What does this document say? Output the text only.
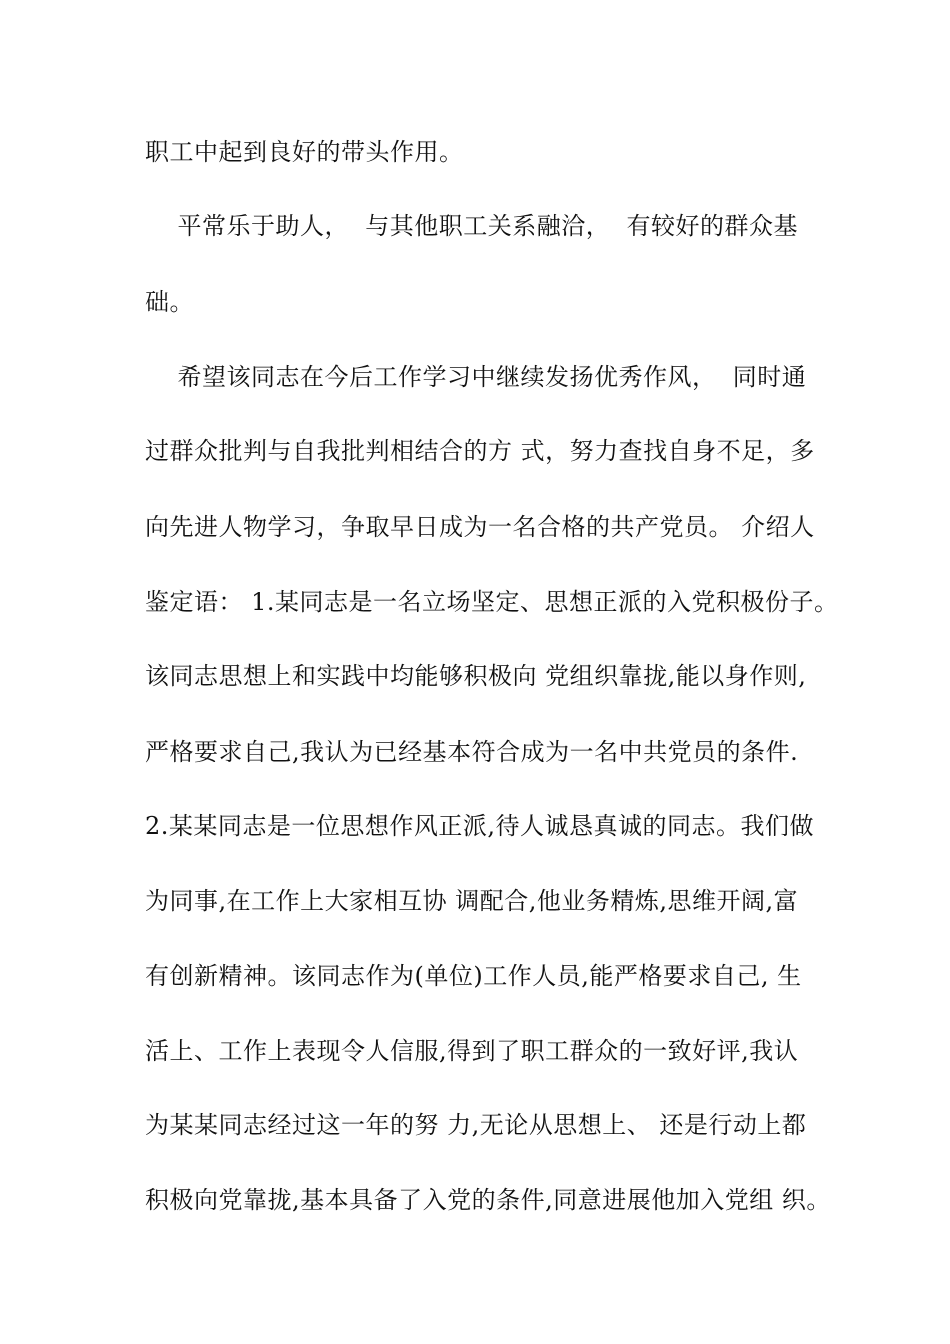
职工中起到良好的带头作用。
平常乐于助人，  与其他职工关系融洽，  有较好的群众基
础。
希望该同志在今后工作学习中继续发扬优秀作风，  同时通
过群众批判与自我批判相结合的方 式，努力查找自身不足，多
向先进人物学习，争取早日成为一名合格的共产党员。 介绍人
鉴定语： 1.某同志是一名立场坚定、思想正派的入党积极份子。
该同志思想上和实践中均能够积极向 党组织靠拢,能以身作则,
严格要求自己,我认为已经基本符合成为一名中共党员的条件.
2.某某同志是一位思想作风正派,待人诚恳真诚的同志。我们做
为同事,在工作上大家相互协 调配合,他业务精炼,思维开阔,富
有创新精神。该同志作为(单位)工作人员,能严格要求自己, 生
活上、工作上表现令人信服,得到了职工群众的一致好评,我认
为某某同志经过这一年的努 力,无论从思想上、 还是行动上都
积极向党靠拢,基本具备了入党的条件,同意进展他加入党组 织。
